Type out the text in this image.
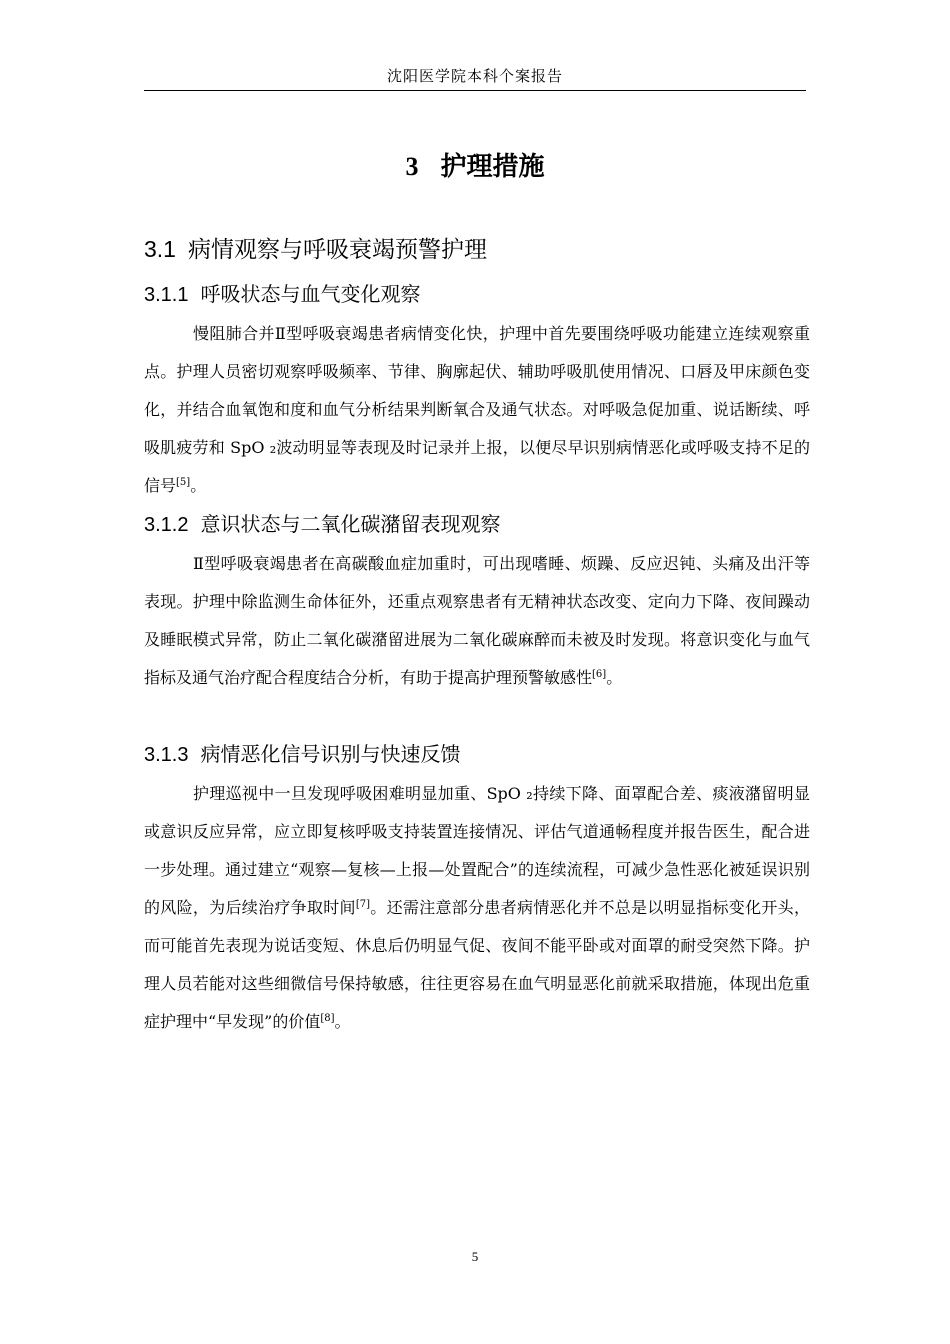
沈阳医学院本科个案报告
3 护理措施
3.1 病情观察与呼吸衰竭预警护理
3.1.1 呼吸状态与血气变化观察

慢阻肺合并Ⅱ型呼吸衰竭患者病情变化快，护理中首先要围绕呼吸功能建立连续观察重点。护理人员密切观察呼吸频率、节律、胸廓起伏、辅助呼吸肌使用情况、口唇及甲床颜色变化，并结合血氧饱和度和血气分析结果判断氧合及通气状态。对呼吸急促加重、说话断续、呼吸肌疲劳和 SpO ₂波动明显等表现及时记录并上报，以便尽早识别病情恶化或呼吸支持不足的信号[5]。

3.1.2 意识状态与二氧化碳潴留表现观察

Ⅱ型呼吸衰竭患者在高碳酸血症加重时，可出现嗜睡、烦躁、反应迟钝、头痛及出汗等表现。护理中除监测生命体征外，还重点观察患者有无精神状态改变、定向力下降、夜间躁动及睡眠模式异常，防止二氧化碳潴留进展为二氧化碳麻醉而未被及时发现。将意识变化与血气指标及通气治疗配合程度结合分析，有助于提高护理预警敏感性[6]。

3.1.3 病情恶化信号识别与快速反馈

护理巡视中一旦发现呼吸困难明显加重、SpO ₂持续下降、面罩配合差、痰液潴留明显或意识反应异常，应立即复核呼吸支持装置连接情况、评估气道通畅程度并报告医生，配合进一步处理。通过建立“观察—复核—上报—处置配合”的连续流程，可减少急性恶化被延误识别的风险，为后续治疗争取时间[7]。还需注意部分患者病情恶化并不总是以明显指标变化开头，而可能首先表现为说话变短、休息后仍明显气促、夜间不能平卧或对面罩的耐受突然下降。护理人员若能对这些细微信号保持敏感，往往更容易在血气明显恶化前就采取措施，体现出危重症护理中“早发现”的价值[8]。

5
